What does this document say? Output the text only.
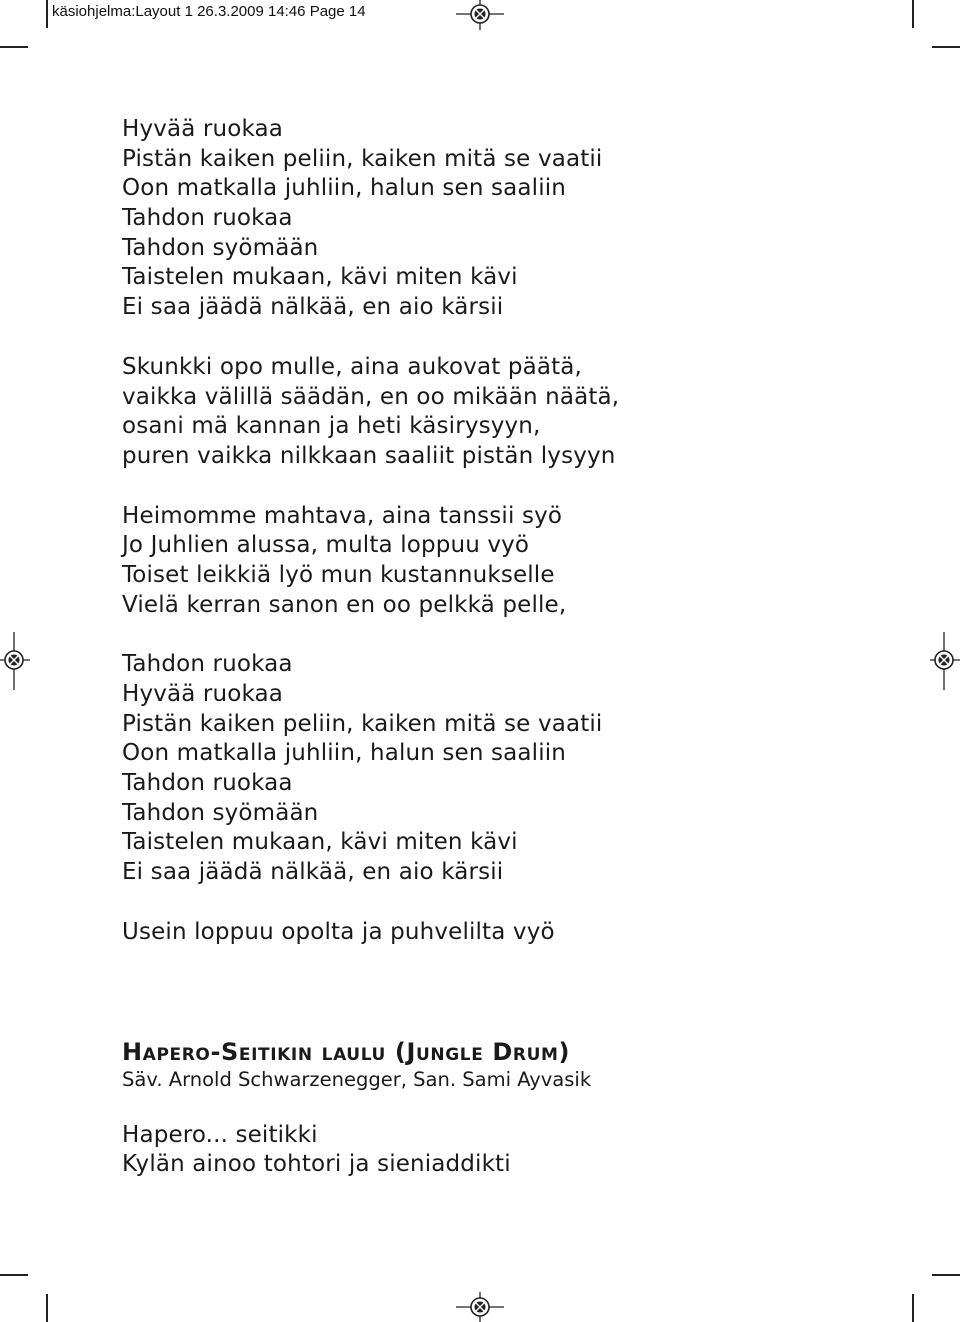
käsiohjelma:Layout 1 26.3.2009 14:46 Page 14
Hyvää ruokaa
Pistän kaiken peliin, kaiken mitä se vaatii
Oon matkalla juhliin, halun sen saaliin
Tahdon ruokaa
Tahdon syömään
Taistelen mukaan, kävi miten kävi
Ei saa jäädä nälkää, en aio kärsii
Skunkki opo mulle, aina aukovat päätä,
vaikka välillä säädän, en oo mikään näätä,
osani mä kannan ja heti käsirysyyn,
puren vaikka nilkkaan saaliit pistän lysyyn
Heimomme mahtava, aina tanssii syö
Jo Juhlien alussa, multa loppuu vyö
Toiset leikkiä lyö mun kustannukselle
Vielä kerran sanon en oo pelkkä pelle,
Tahdon ruokaa
Hyvää ruokaa
Pistän kaiken peliin, kaiken mitä se vaatii
Oon matkalla juhliin, halun sen saaliin
Tahdon ruokaa
Tahdon syömään
Taistelen mukaan, kävi miten kävi
Ei saa jäädä nälkää, en aio kärsii
Usein loppuu opolta ja puhvelilta vyö
Hapero-Seitikin laulu (Jungle Drum)
Säv. Arnold Schwarzenegger, San. Sami Ayvasik
Hapero... seitikki
Kylän ainoo tohtori ja sieniaddikti
